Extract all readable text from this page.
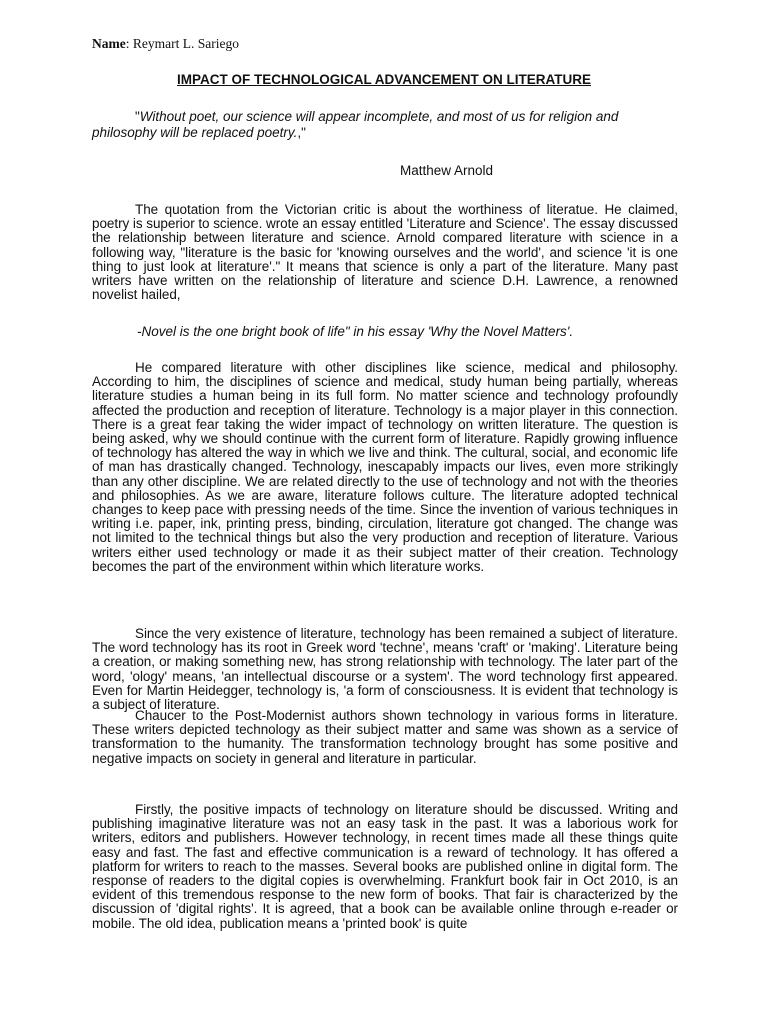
Name: Reymart L. Sariego
IMPACT OF TECHNOLOGICAL ADVANCEMENT ON LITERATURE
"Without poet, our science will appear incomplete, and most of us for religion and philosophy will be replaced poetry.,"
Matthew Arnold

The quotation from the Victorian critic is about the worthiness of literatue. He claimed, poetry is superior to science. wrote an essay entitled 'Literature and Science'. The essay discussed the relationship between literature and science. Arnold compared literature with science in a following way, "literature is the basic for 'knowing ourselves and the world', and science 'it is one thing to just look at literature'." It means that science is only a part of the literature. Many past writers have written on the relationship of literature and science D.H. Lawrence, a renowned novelist hailed,

-Novel is the one bright book of life" in his essay 'Why the Novel Matters'.

He compared literature with other disciplines like science, medical and philosophy. According to him, the disciplines of science and medical, study human being partially, whereas literature studies a human being in its full form. No matter science and technology profoundly affected the production and reception of literature. Technology is a major player in this connection. There is a great fear taking the wider impact of technology on written literature. The question is being asked, why we should continue with the current form of literature. Rapidly growing influence of technology has altered the way in which we live and think. The cultural, social, and economic life of man has drastically changed. Technology, inescapably impacts our lives, even more strikingly than any other discipline. We are related directly to the use of technology and not with the theories and philosophies. As we are aware, literature follows culture. The literature adopted technical changes to keep pace with pressing needs of the time. Since the invention of various techniques in writing i.e. paper, ink, printing press, binding, circulation, literature got changed. The change was not limited to the technical things but also the very production and reception of literature. Various writers either used technology or made it as their subject matter of their creation. Technology becomes the part of the environment within which literature works.

Since the very existence of literature, technology has been remained a subject of literature. The word technology has its root in Greek word 'techne', means 'craft' or 'making'. Literature being a creation, or making something new, has strong relationship with technology. The later part of the word, 'ology' means, 'an intellectual discourse or a system'. The word technology first appeared. Even for Martin Heidegger, technology is, 'a form of consciousness. It is evident that technology is a subject of literature.

Chaucer to the Post-Modernist authors shown technology in various forms in literature. These writers depicted technology as their subject matter and same was shown as a service of transformation to the humanity. The transformation technology brought has some positive and negative impacts on society in general and literature in particular.

Firstly, the positive impacts of technology on literature should be discussed. Writing and publishing imaginative literature was not an easy task in the past. It was a laborious work for writers, editors and publishers. However technology, in recent times made all these things quite easy and fast. The fast and effective communication is a reward of technology. It has offered a platform for writers to reach to the masses. Several books are published online in digital form. The response of readers to the digital copies is overwhelming. Frankfurt book fair in Oct 2010, is an evident of this tremendous response to the new form of books. That fair is characterized by the discussion of 'digital rights'. It is agreed, that a book can be available online through e-reader or mobile. The old idea, publication means a 'printed book' is quite
